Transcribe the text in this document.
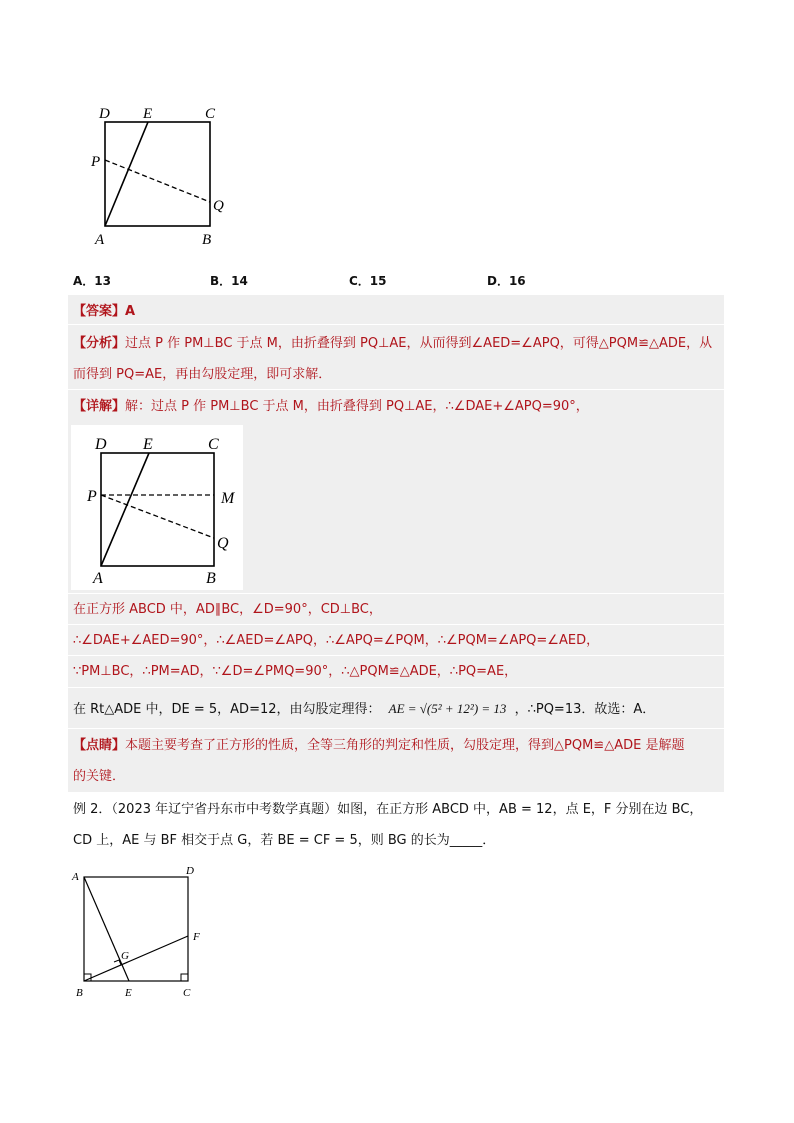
D E	C
P
Q
A	B
A．13	B．14	C．15	D．16
【答案】A
【分析】过点 P 作 PM⊥BC 于点 M，由折叠得到 PQ⊥AE，从而得到∠AED=∠APQ，可得△PQM≌△ADE，从
而得到 PQ=AE，再由勾股定理，即可求解．
【详解】解：过点 P 作 PM⊥BC 于点 M，由折叠得到 PQ⊥AE，∴∠DAE+∠APQ=90°，
D E	C
P	M
Q
A	B
在正方形 ABCD 中，AD∥BC，∠D=90°，CD⊥BC，
∴∠DAE+∠AED=90°，∴∠AED=∠APQ，∴∠APQ=∠PQM，∴∠PQM=∠APQ=∠AED，
∵PM⊥BC，∴PM=AD，∵∠D=∠PMQ=90°，∴△PQM≌△ADE，∴PQ=AE，
在 Rt△ADE 中，DE = 5，AD=12，由勾股定理得： AE = √(5² + 12²) = 13 ，∴PQ=13．故选：A．
【点睛】本题主要考查了正方形的性质，全等三角形的判定和性质，勾股定理，得到△PQM≌△ADE 是解题
的关键．
例 2．（2023 年辽宁省丹东市中考数学真题）如图，在正方形 ABCD 中，AB = 12，点 E，F 分别在边 BC，
CD 上，AE 与 BF 相交于点 G，若 BE = CF = 5，则 BG 的长为_____．
A	D
F
G
B	E	C
